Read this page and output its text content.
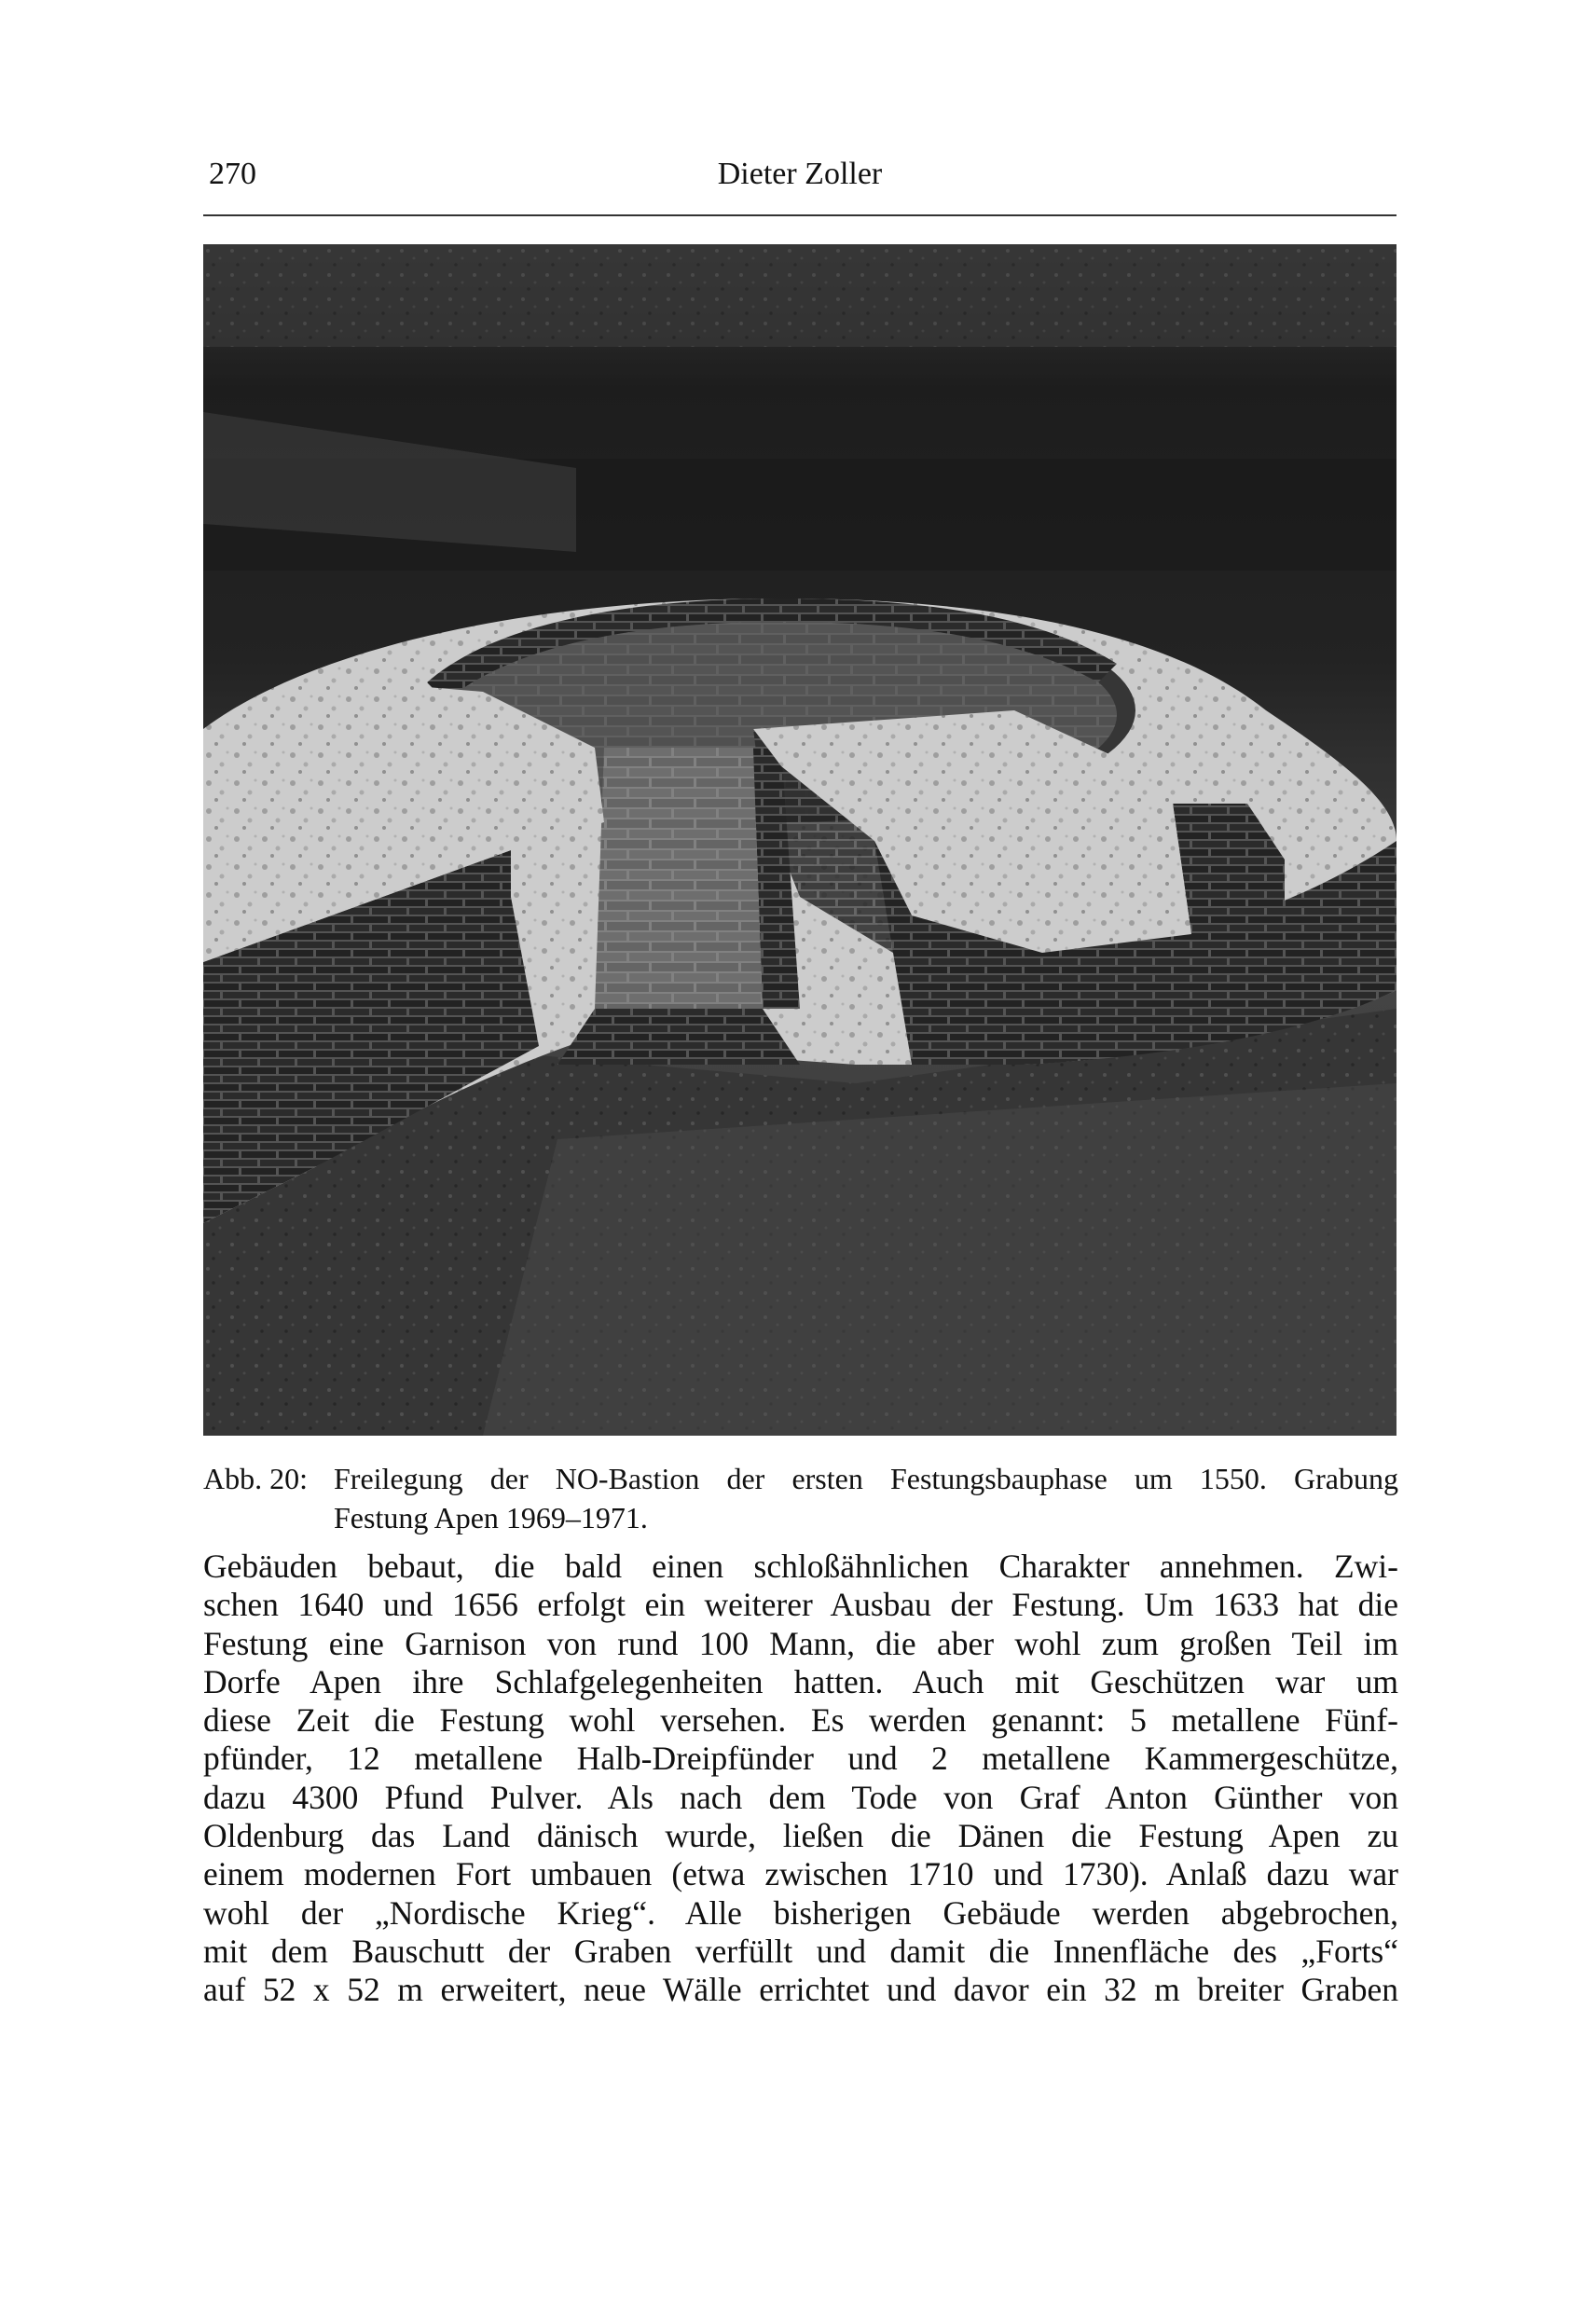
270	Dieter Zoller
Abb. 20: Freilegung der NO-Bastion der ersten Festungsbauphase um 1550. Grabung
Festung Apen 1969–1971.
Gebäuden bebaut, die bald einen schloßähnlichen Charakter annehmen. Zwi-
schen 1640 und 1656 erfolgt ein weiterer Ausbau der Festung. Um 1633 hat die
Festung eine Garnison von rund 100 Mann, die aber wohl zum großen Teil im
Dorfe Apen ihre Schlafgelegenheiten hatten. Auch mit Geschützen war um
diese Zeit die Festung wohl versehen. Es werden genannt: 5 metallene Fünf-
pfünder, 12 metallene Halb-Dreipfünder und 2 metallene Kammergeschütze,
dazu 4300 Pfund Pulver. Als nach dem Tode von Graf Anton Günther von
Oldenburg das Land dänisch wurde, ließen die Dänen die Festung Apen zu
einem modernen Fort umbauen (etwa zwischen 1710 und 1730). Anlaß dazu war
wohl der „Nordische Krieg“. Alle bisherigen Gebäude werden abgebrochen,
mit dem Bauschutt der Graben verfüllt und damit die Innenfläche des „Forts“
auf 52 x 52 m erweitert, neue Wälle errichtet und davor ein 32 m breiter Graben
